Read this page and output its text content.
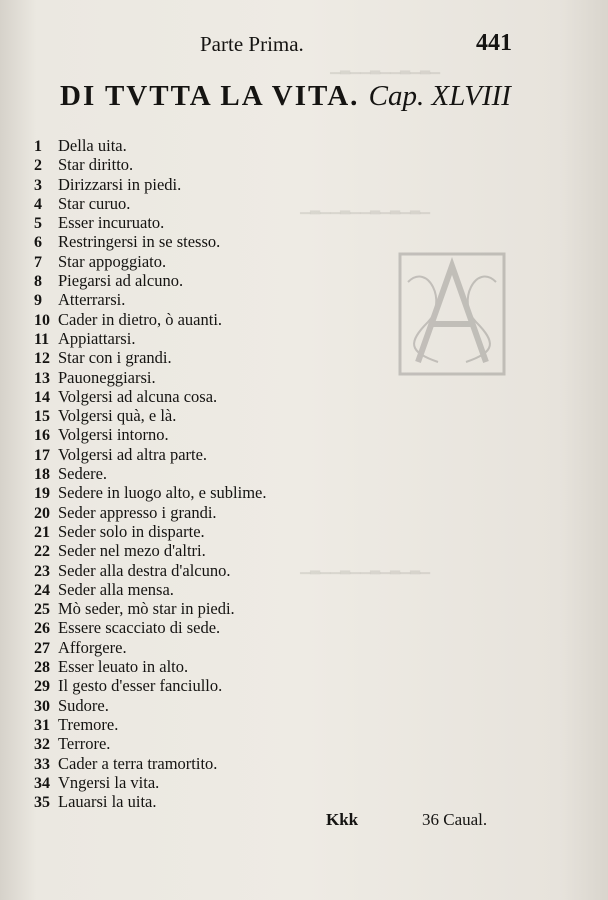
▁▂▁▁▂▁▁▂▁▂▁
▁▂▁▁▂▁▁▂▁▂▁▂▁
▁▂▁▁▂▁▁▂▁▂▁▂▁
Parte Prima.	441
DI TVTTA LA VITA. Cap. XLVIII
1 Della uita.
2 Star diritto.
3 Dirizzarsi in piedi.
4 Star curuo.
5 Esser incuruato.
6 Restringersi in se stesso.
7 Star appoggiato.
8 Piegarsi ad alcuno.
9 Atterrarsi.
10 Cader in dietro, ò auanti.
11 Appiattarsi.
12 Star con i grandi.
13 Pauoneggiarsi.
14 Volgersi ad alcuna cosa.
15 Volgersi quà, e là.
16 Volgersi intorno.
17 Volgersi ad altra parte.
18 Sedere.
19 Sedere in luogo alto, e sublime.
20 Seder appresso i grandi.
21 Seder solo in disparte.
22 Seder nel mezo d'altri.
23 Seder alla destra d'alcuno.
24 Seder alla mensa.
25 Mò seder, mò star in piedi.
26 Essere scacciato di sede.
27 Afforgere.
28 Esser leuato in alto.
29 Il gesto d'esser fanciullo.
30 Sudore.
31 Tremore.
32 Terrore.
33 Cader a terra tramortito.
34 Vngersi la vita.
35 Lauarsi la uita.
Kkk	36 Caual.
